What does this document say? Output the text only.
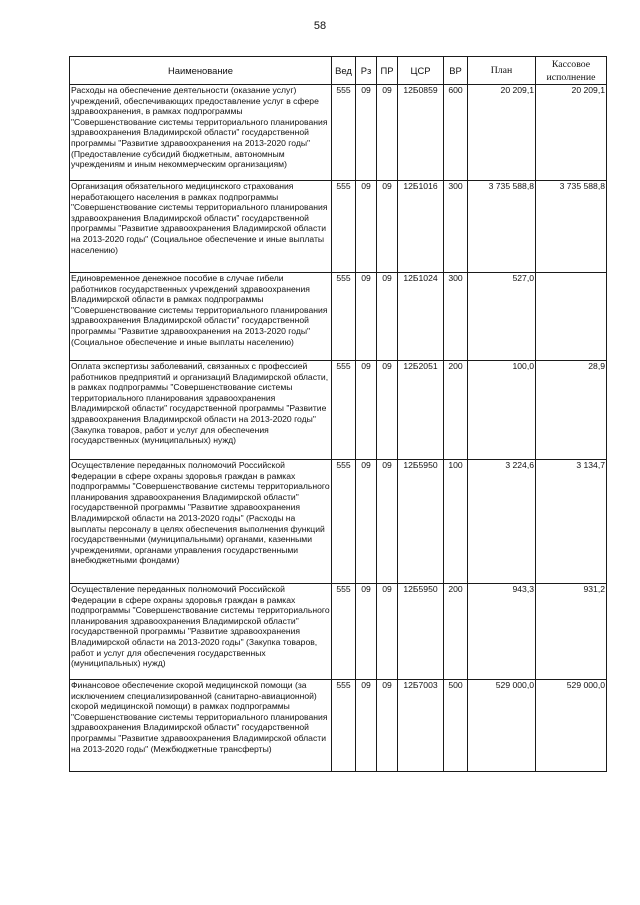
58
Наименование	Вед	Рз	ПР	ЦСР	ВР	План	Кассовое исполнение
Расходы на обеспечение деятельности (оказание услуг) учреждений, обеспечивающих предоставление услуг в сфере здравоохранения, в рамках подпрограммы "Совершенствование системы территориального планирования здравоохранения Владимирской области" государственной программы "Развитие здравоохранения на 2013-2020 годы" (Предоставление субсидий бюджетным, автономным учреждениям и иным некоммерческим организациям)	555	09	09	12Б0859	600	20 209,1	20 209,1
Организация обязательного медицинского страхования неработающего населения в рамках подпрограммы "Совершенствование системы территориального планирования здравоохранения Владимирской области" государственной программы "Развитие здравоохранения Владимирской области на 2013-2020 годы" (Социальное обеспечение и иные выплаты населению)	555	09	09	12Б1016	300	3 735 588,8	3 735 588,8
Единовременное денежное пособие в случае гибели работников государственных учреждений здравоохранения Владимирской области в рамках подпрограммы "Совершенствование системы территориального планирования здравоохранения Владимирской области" государственной программы "Развитие здравоохранения на 2013-2020 годы" (Социальное обеспечение и иные выплаты населению)	555	09	09	12Б1024	300	527,0	
Оплата экспертизы заболеваний, связанных с профессией работников предприятий и организаций Владимирской области, в рамках подпрограммы "Совершенствование системы территориального планирования здравоохранения Владимирской области" государственной программы "Развитие здравоохранения Владимирской области на 2013-2020 годы" (Закупка товаров, работ и услуг для обеспечения государственных (муниципальных) нужд)	555	09	09	12Б2051	200	100,0	28,9
Осуществление переданных полномочий Российской Федерации в сфере охраны здоровья граждан в рамках подпрограммы "Совершенствование системы территориального планирования здравоохранения Владимирской области" государственной программы "Развитие здравоохранения Владимирской области на 2013-2020 годы" (Расходы на выплаты персоналу в целях обеспечения выполнения функций государственными (муниципальными) органами, казенными учреждениями, органами управления государственными внебюджетными фондами)	555	09	09	12Б5950	100	3 224,6	3 134,7
Осуществление переданных полномочий Российской Федерации в сфере охраны здоровья граждан в рамках подпрограммы "Совершенствование системы территориального планирования здравоохранения Владимирской области" государственной программы "Развитие здравоохранения Владимирской области на 2013-2020 годы" (Закупка товаров, работ и услуг для обеспечения государственных (муниципальных) нужд)	555	09	09	12Б5950	200	943,3	931,2
Финансовое обеспечение скорой медицинской помощи (за исключением специализированной (санитарно-авиационной) скорой медицинской помощи) в рамках подпрограммы "Совершенствование системы территориального планирования здравоохранения Владимирской области" государственной программы "Развитие здравоохранения Владимирской области на 2013-2020 годы" (Межбюджетные трансферты)	555	09	09	12Б7003	500	529 000,0	529 000,0
